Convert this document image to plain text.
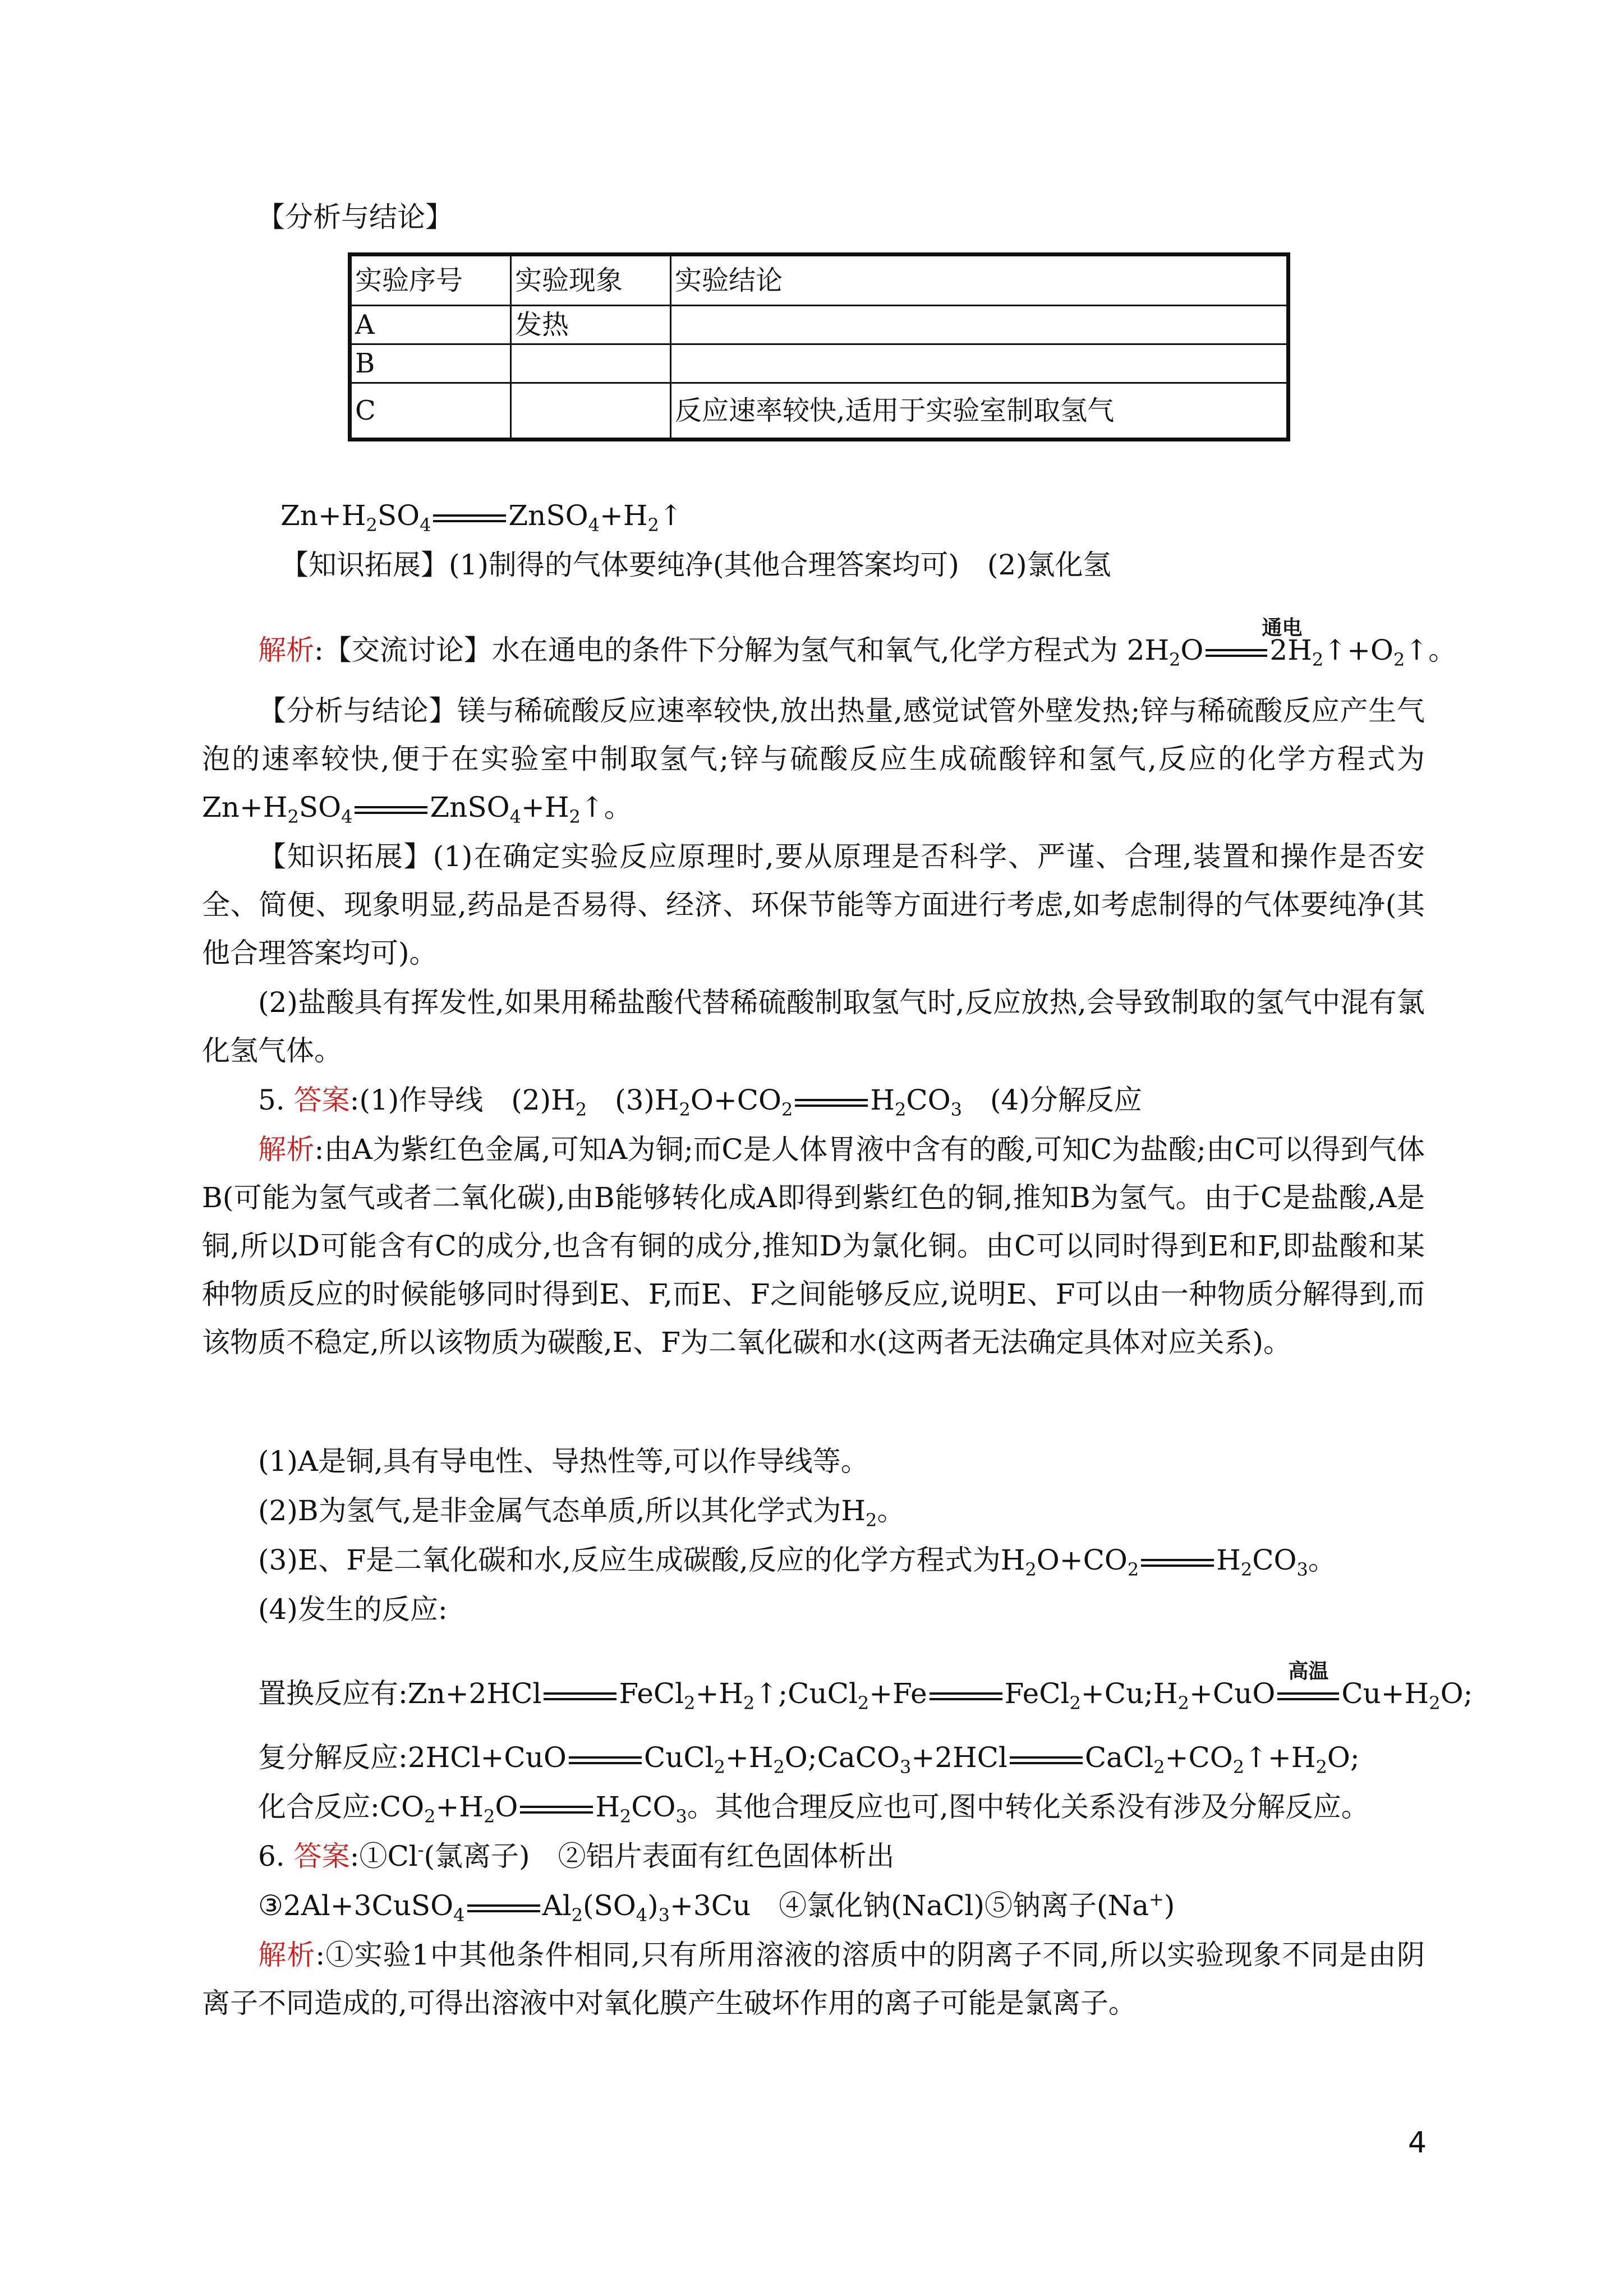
【分析与结论】
实验序号	实验现象	实验结论
A	发热	
B		
C		反应速率较快,适用于实验室制取氢气
$Zn+H_2SO_4$	$ZnSO_4+H_2↑$
【知识拓展】(1)制得的气体要纯净(其他合理答案均可)　(2)氯化氢
解析:【交流讨论】水在通电的条件下分解为氢气和氧气,化学方程式为 $2H_2O$
通电
$2H_2↑+O_2↑$。
【分析与结论】镁与稀硫酸反应速率较快,放出热量,感觉试管外壁发热;锌与稀硫酸反应产生气泡的速率较快,便于在实验室中制取氢气;锌与硫酸反应生成硫酸锌和氢气,反应的化学方程式为$Zn+H_2SO_4$	$ZnSO_4+H_2↑$。
【知识拓展】(1)在确定实验反应原理时,要从原理是否科学、严谨、合理,装置和操作是否安全、简便、现象明显,药品是否易得、经济、环保节能等方面进行考虑,如考虑制得的气体要纯净(其他合理答案均可)。
(2)盐酸具有挥发性,如果用稀盐酸代替稀硫酸制取氢气时,反应放热,会导致制取的氢气中混有氯化氢气体。
5. 答案:(1)作导线　$(2)H_2$　$(3)H_2O+CO_2$	$H_2CO_3$　(4)分解反应
解析:由A为紫红色金属,可知A为铜;而C是人体胃液中含有的酸,可知C为盐酸;由C可以得到气体B(可能为氢气或者二氧化碳),由B能够转化成A即得到紫红色的铜,推知B为氢气。由于C是盐酸,A是铜,所以D可能含有C的成分,也含有铜的成分,推知D为氯化铜。由C可以同时得到E和F,即盐酸和某种物质反应的时候能够同时得到E、F,而E、F之间能够反应,说明E、F可以由一种物质分解得到,而该物质不稳定,所以该物质为碳酸,E、F为二氧化碳和水(这两者无法确定具体对应关系)。
(1)A是铜,具有导电性、导热性等,可以作导线等。
(2)B为氢气,是非金属气态单质,所以其化学式为$H_2$。
(3)E、F是二氧化碳和水,反应生成碳酸,反应的化学方程式为$H_2O+CO_2$	$H_2CO_3$。
(4)发生的反应:
置换反应有:Zn+2HCl	$FeCl_2+H_2↑;CuCl_2+Fe$	$FeCl_2+Cu;H_2+CuO$
高温
$Cu+H_2O$;
复分解反应:2HCl+CuO	$CuCl_2+H_2O;CaCO_3+2HCl$	$CaCl_2+CO_2↑+H_2O$;
化合反应$:CO_2+H_2O$	$H_2CO_3$。其他合理反应也可,图中转化关系没有涉及分解反应。
6. 答案:①Cl-(氯离子)　②铝片表面有红色固体析出
③2Al+3CuSO$_4$	$Al_2(SO_4)_3+3Cu$　④氯化钠(NaCl)⑤钠离子(Na+)
解析:①实验1中其他条件相同,只有所用溶液的溶质中的阴离子不同,所以实验现象不同是由阴离子不同造成的,可得出溶液中对氧化膜产生破坏作用的离子可能是氯离子。
4
